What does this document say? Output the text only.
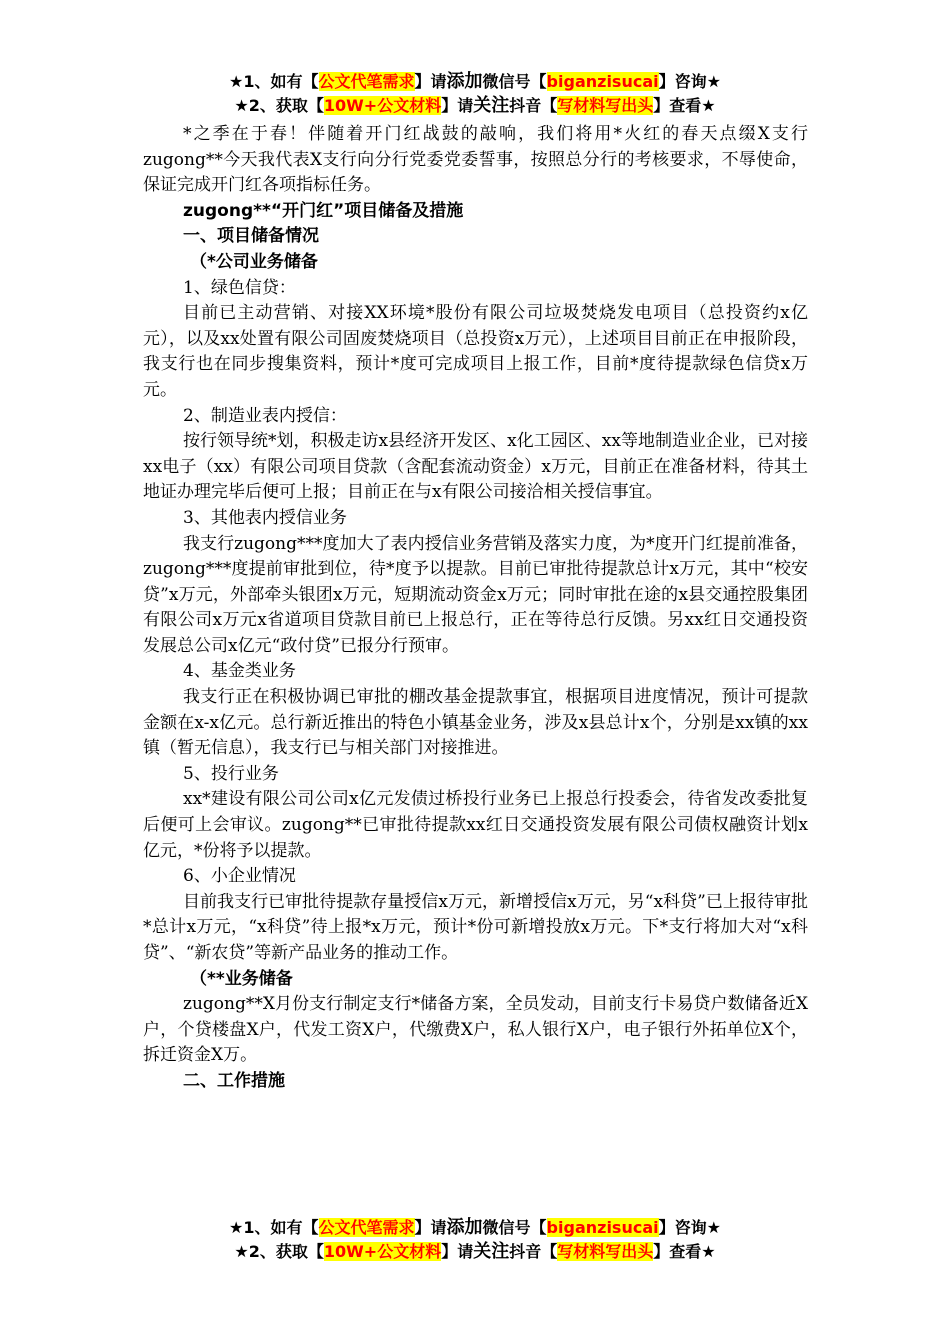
★1、如有【公文代笔需求】请添加微信号【biganzisucai】咨询★
★2、获取【10W+公文材料】请关注抖音【写材料写出头】查看★

*之季在于春！伴随着开门红战鼓的敲响，我们将用*火红的春天点缀X支行zugong**今天我代表X支行向分行党委党委誓事，按照总分行的考核要求，不辱使命，保证完成开门红各项指标任务。

zugong**“开门红”项目储备及措施

一、项目储备情况

（*公司业务储备

1、绿色信贷：

目前已主动营销、对接XX环境*股份有限公司垃圾焚烧发电项目（总投资约x亿元），以及xx处置有限公司固废焚烧项目（总投资x万元），上述项目目前正在申报阶段，我支行也在同步搜集资料，预计*度可完成项目上报工作，目前*度待提款绿色信贷x万元。

2、制造业表内授信：

按行领导统*划，积极走访x县经济开发区、x化工园区、xx等地制造业企业，已对接xx电子（xx）有限公司项目贷款（含配套流动资金）x万元，目前正在准备材料，待其土地证办理完毕后便可上报；目前正在与x有限公司接洽相关授信事宜。

3、其他表内授信业务

我支行zugong***度加大了表内授信业务营销及落实力度，为*度开门红提前准备，zugong***度提前审批到位，待*度予以提款。目前已审批待提款总计x万元，其中“校安贷”x万元，外部牵头银团x万元，短期流动资金x万元；同时审批在途的x县交通控股集团有限公司x万元x省道项目贷款目前已上报总行，正在等待总行反馈。另xx红日交通投资发展总公司x亿元“政付贷”已报分行预审。

4、基金类业务

我支行正在积极协调已审批的棚改基金提款事宜，根据项目进度情况，预计可提款金额在x-x亿元。总行新近推出的特色小镇基金业务，涉及x县总计x个，分别是xx镇的xx镇（暂无信息），我支行已与相关部门对接推进。

5、投行业务

xx*建设有限公司公司x亿元发债过桥投行业务已上报总行投委会，待省发改委批复后便可上会审议。zugong**已审批待提款xx红日交通投资发展有限公司债权融资计划x亿元，*份将予以提款。

6、小企业情况

目前我支行已审批待提款存量授信x万元，新增授信x万元，另“x科贷”已上报待审批*总计x万元，“x科贷”待上报*x万元，预计*份可新增投放x万元。下*支行将加大对“x科贷”、“新农贷”等新产品业务的推动工作。

（**业务储备

zugong**X月份支行制定支行*储备方案，全员发动，目前支行卡易贷户数储备近X户，个贷楼盘X户，代发工资X户，代缴费X户，私人银行X户，电子银行外拓单位X个，拆迁资金X万。

二、工作措施

★1、如有【公文代笔需求】请添加微信号【biganzisucai】咨询★
★2、获取【10W+公文材料】请关注抖音【写材料写出头】查看★
